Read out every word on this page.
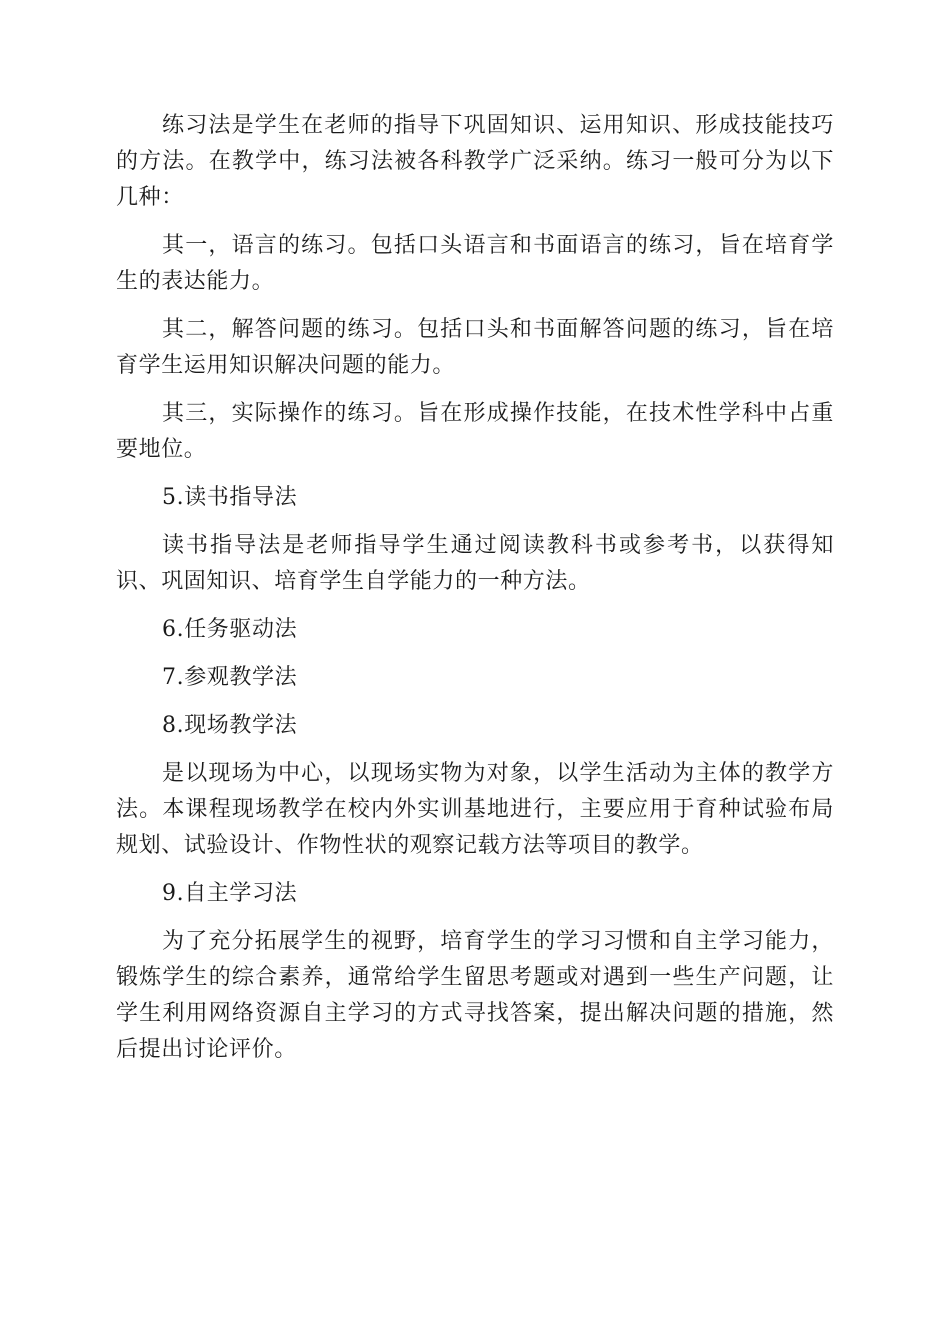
练习法是学生在老师的指导下巩固知识、运用知识、形成技能技巧的方法。在教学中，练习法被各科教学广泛采纳。练习一般可分为以下几种：

其一，语言的练习。包括口头语言和书面语言的练习，旨在培育学生的表达能力。

其二，解答问题的练习。包括口头和书面解答问题的练习，旨在培育学生运用知识解决问题的能力。

其三，实际操作的练习。旨在形成操作技能，在技术性学科中占重要地位。

5.读书指导法

读书指导法是老师指导学生通过阅读教科书或参考书，以获得知识、巩固知识、培育学生自学能力的一种方法。

6.任务驱动法

7.参观教学法

8.现场教学法

是以现场为中心，以现场实物为对象，以学生活动为主体的教学方法。本课程现场教学在校内外实训基地进行，主要应用于育种试验布局规划、试验设计、作物性状的观察记载方法等项目的教学。

9.自主学习法

为了充分拓展学生的视野，培育学生的学习习惯和自主学习能力，锻炼学生的综合素养，通常给学生留思考题或对遇到一些生产问题，让学生利用网络资源自主学习的方式寻找答案，提出解决问题的措施，然后提出讨论评价。
